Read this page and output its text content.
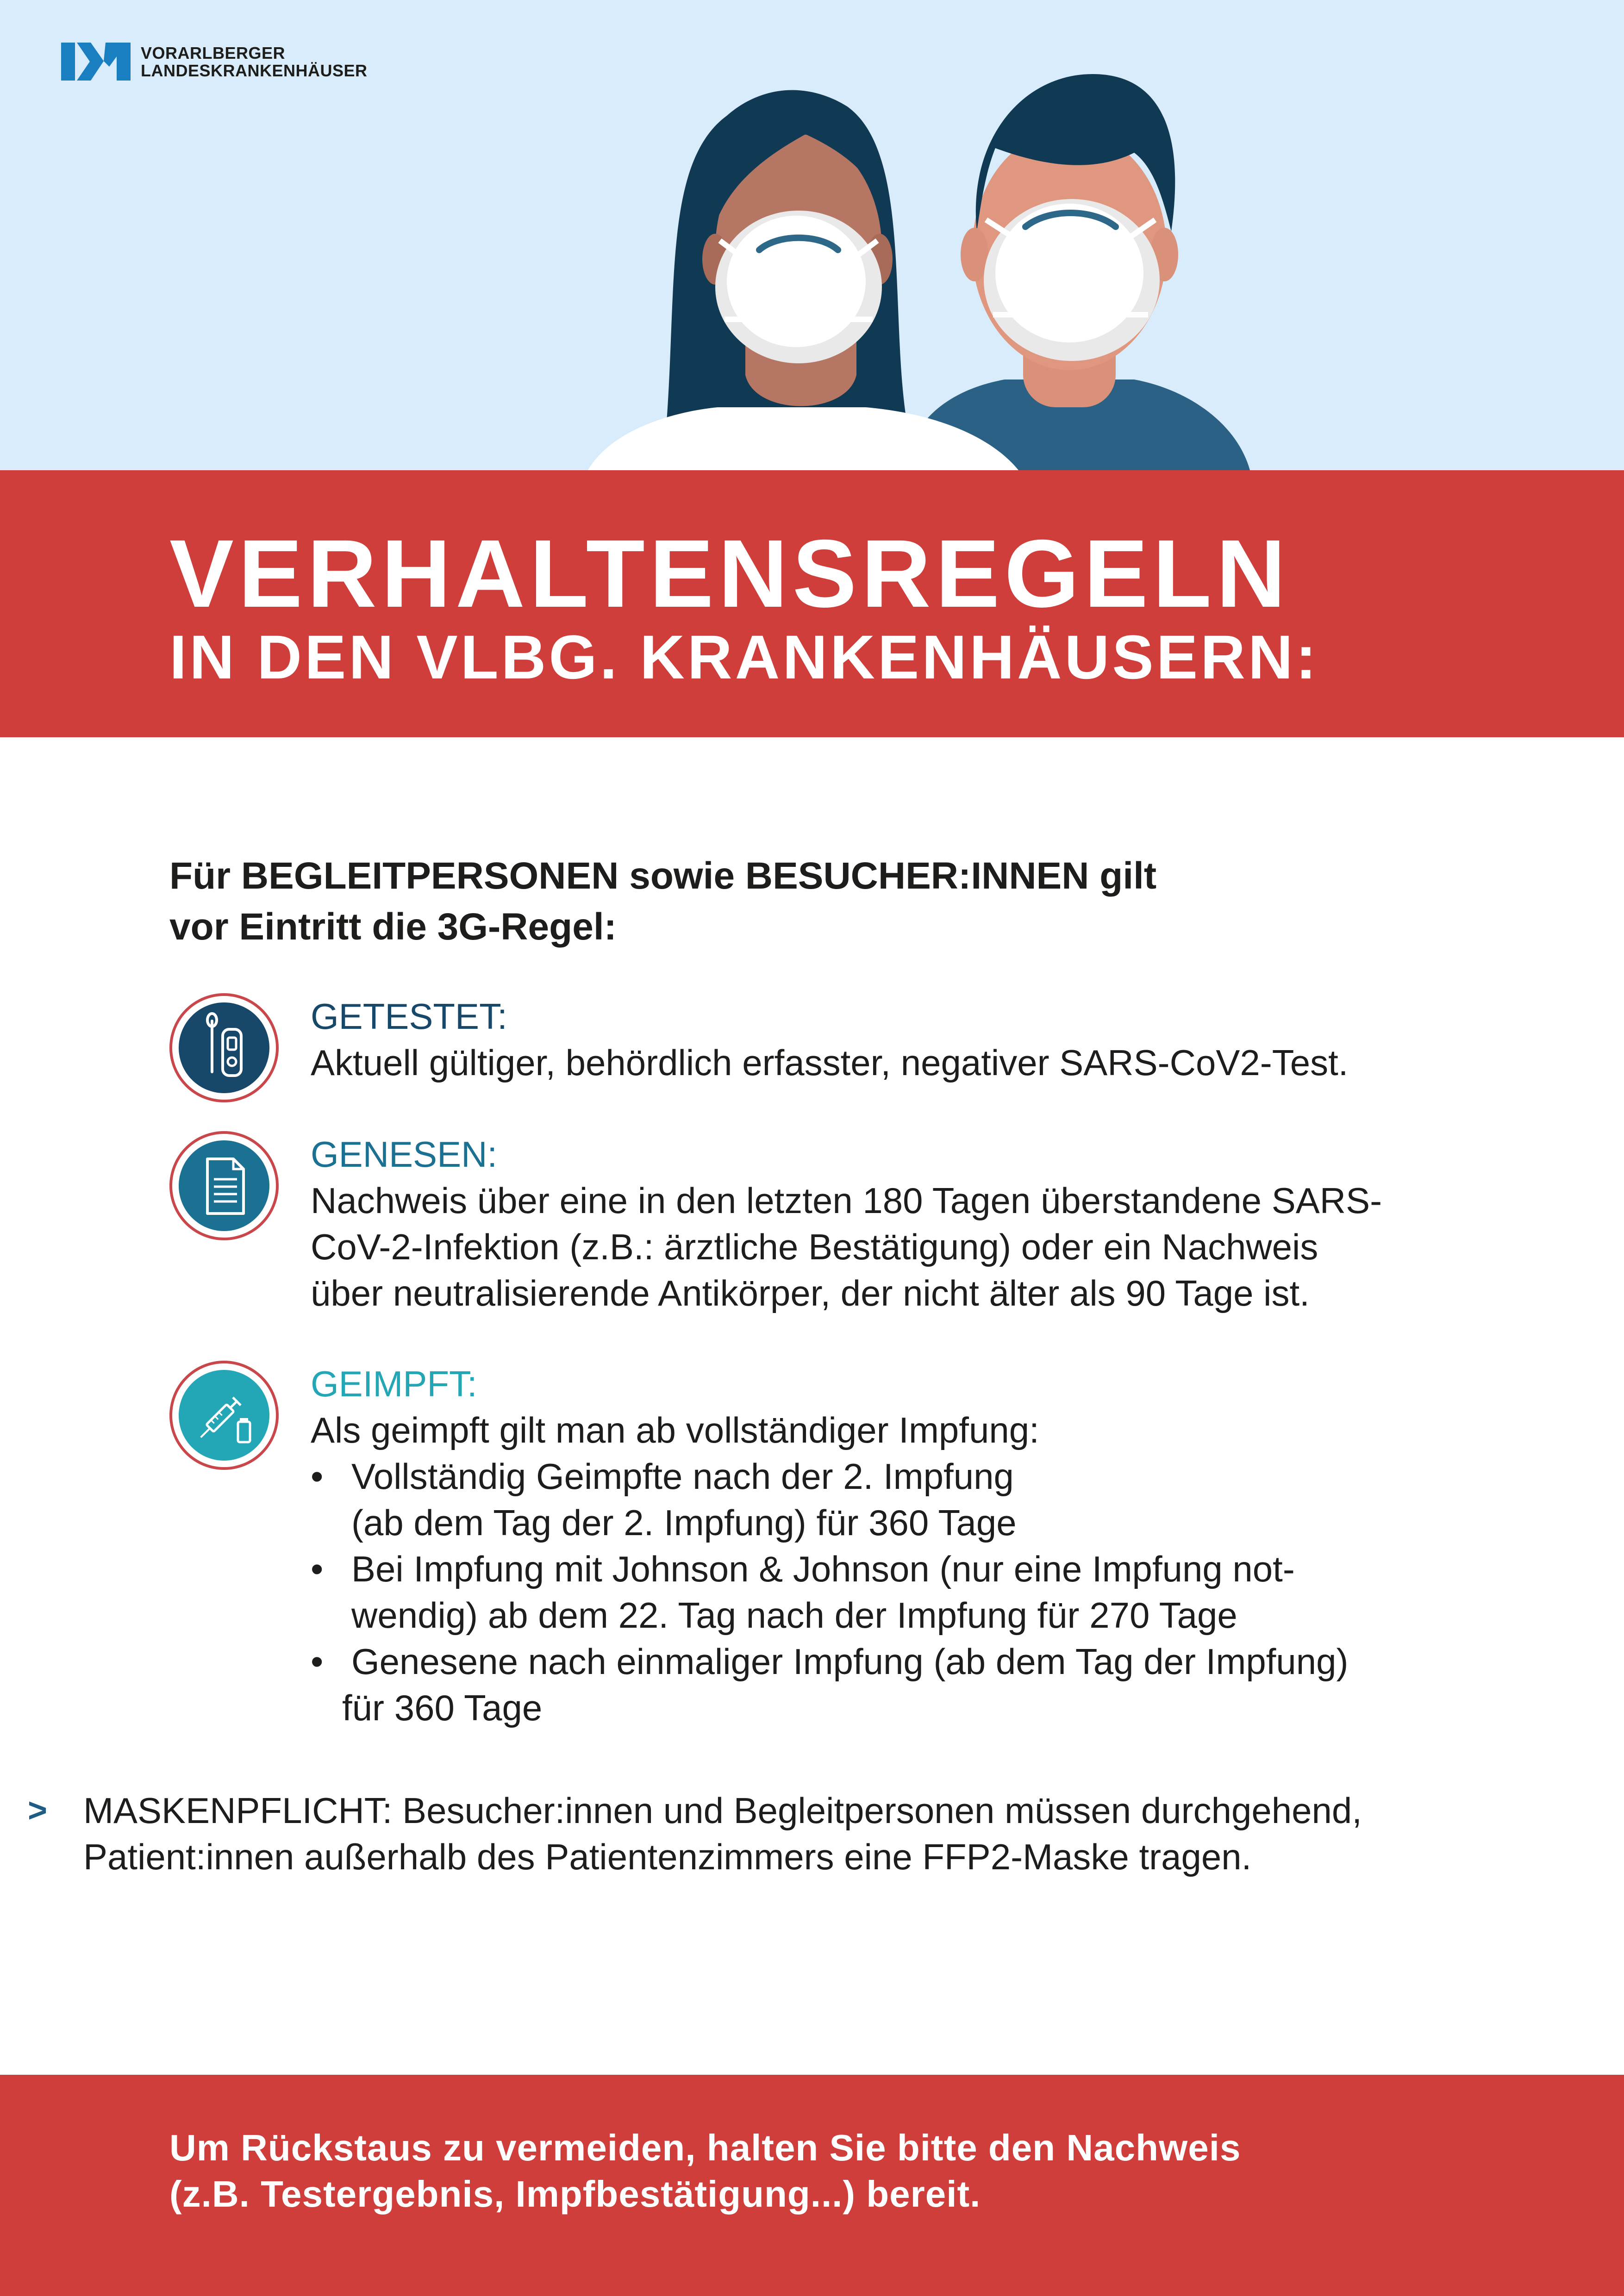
VORARLBERGER
LANDESKRANKENHÄUSER
VERHALTENSREGELN
IN DEN VLBG. KRANKENHÄUSERN:
Für BEGLEITPERSONEN sowie BESUCHER:INNEN gilt
vor Eintritt die 3G-Regel:
GETESTET:
Aktuell gültiger, behördlich erfasster, negativer SARS-CoV2-Test.
GENESEN:
Nachweis über eine in den letzten 180 Tagen überstandene SARS-
CoV-2-Infektion (z.B.: ärztliche Bestätigung) oder ein Nachweis
über neutralisierende Antikörper, der nicht älter als 90 Tage ist.
GEIMPFT:
Als geimpft gilt man ab vollständiger Impfung:
• Vollständig Geimpfte nach der 2. Impfung
(ab dem Tag der 2. Impfung) für 360 Tage
• Bei Impfung mit Johnson & Johnson (nur eine Impfung not-
wendig) ab dem 22. Tag nach der Impfung für 270 Tage
• Genesene nach einmaliger Impfung (ab dem Tag der Impfung)
für 360 Tage
> MASKENPFLICHT: Besucher:innen und Begleitpersonen müssen durchgehend,
Patient:innen außerhalb des Patientenzimmers eine FFP2-Maske tragen.
Um Rückstaus zu vermeiden, halten Sie bitte den Nachweis
(z.B. Testergebnis, Impfbestätigung...) bereit.
